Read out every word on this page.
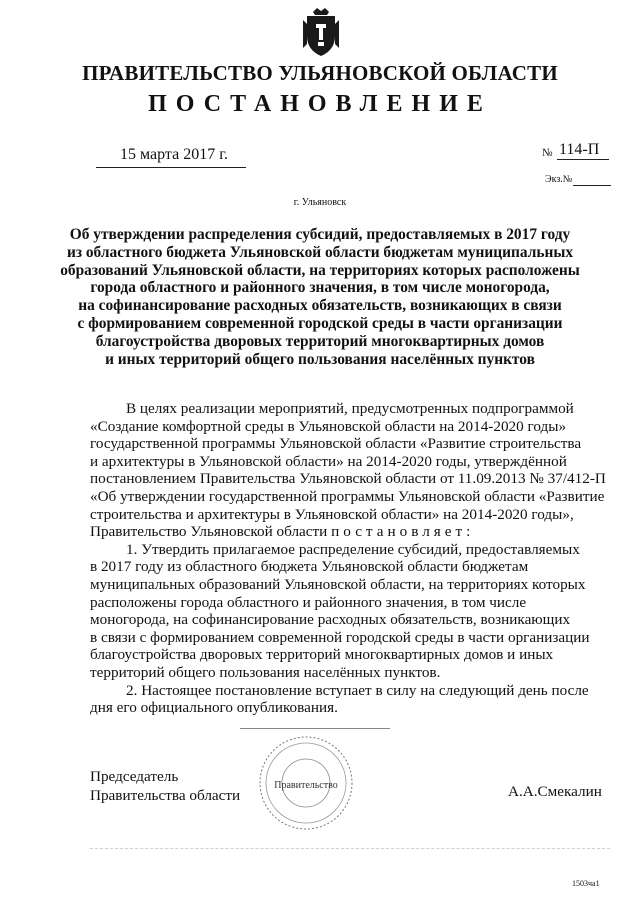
ПРАВИТЕЛЬСТВО УЛЬЯНОВСКОЙ ОБЛАСТИ
ПОСТАНОВЛЕНИЕ
15 марта 2017 г.	№ 114-П
Экз.№
г. Ульяновск
Об утверждении распределения субсидий, предоставляемых в 2017 году
из областного бюджета Ульяновской области бюджетам муниципальных
образований Ульяновской области, на территориях которых расположены
города областного и районного значения, в том числе моногорода,
на софинансирование расходных обязательств, возникающих в связи
с формированием современной городской среды в части организации
благоустройства дворовых территорий многоквартирных домов
и иных территорий общего пользования населённых пунктов

В целях реализации мероприятий, предусмотренных подпрограммой

«Создание комфортной среды в Ульяновской области на 2014-2020 годы»

государственной программы Ульяновской области «Развитие строительства

и архитектуры в Ульяновской области» на 2014-2020 годы, утверждённой

постановлением Правительства Ульяновской области от 11.09.2013 № 37/412-П

«Об утверждении государственной программы Ульяновской области «Развитие

строительства и архитектуры в Ульяновской области» на 2014-2020 годы»,

Правительство Ульяновской области постановляет:

1. Утвердить прилагаемое распределение субсидий, предоставляемых

в 2017 году из областного бюджета Ульяновской области бюджетам

муниципальных образований Ульяновской области, на территориях которых

расположены города областного и районного значения, в том числе

моногорода, на софинансирование расходных обязательств, возникающих

в связи с формированием современной городской среды в части организации

благоустройства дворовых территорий многоквартирных домов и иных

территорий общего пользования населённых пунктов.

2. Настоящее постановление вступает в силу на следующий день после

дня его официального опубликования.

Председатель
Правительства области
Правительство	А.А.Смекалин
1503ча1
